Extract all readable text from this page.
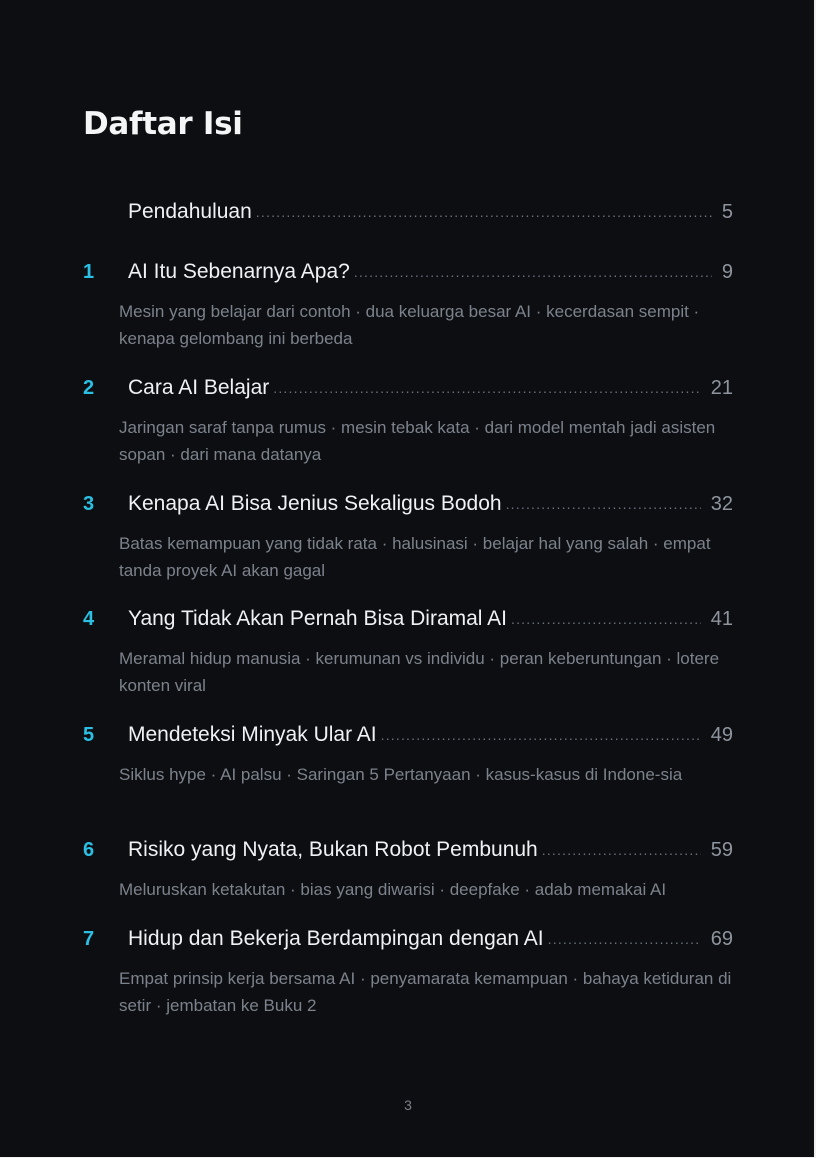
Daftar Isi
Pendahuluan .....	5
1	AI Itu Sebenarnya Apa? .....	9
Mesin yang belajar dari contoh · dua keluarga besar AI · kecerdasan sempit · kenapa gelombang ini berbeda
2	Cara AI Belajar .....	21
Jaringan saraf tanpa rumus · mesin tebak kata · dari model mentah jadi asisten sopan · dari mana datanya
3	Kenapa AI Bisa Jenius Sekaligus Bodoh .....	32
Batas kemampuan yang tidak rata · halusinasi · belajar hal yang salah · empat tanda proyek AI akan gagal
4	Yang Tidak Akan Pernah Bisa Diramal AI .....	41
Meramal hidup manusia · kerumunan vs individu · peran keberuntungan · lotere konten viral
5	Mendeteksi Minyak Ular AI .....	49
Siklus hype · AI palsu · Saringan 5 Pertanyaan · kasus-kasus di Indone-sia
6	Risiko yang Nyata, Bukan Robot Pembunuh .....	59
Meluruskan ketakutan · bias yang diwarisi · deepfake · adab memakai AI
7	Hidup dan Bekerja Berdampingan dengan AI .....	69
Empat prinsip kerja bersama AI · penyamarata kemampuan · bahaya ketiduran di setir · jembatan ke Buku 2
3
